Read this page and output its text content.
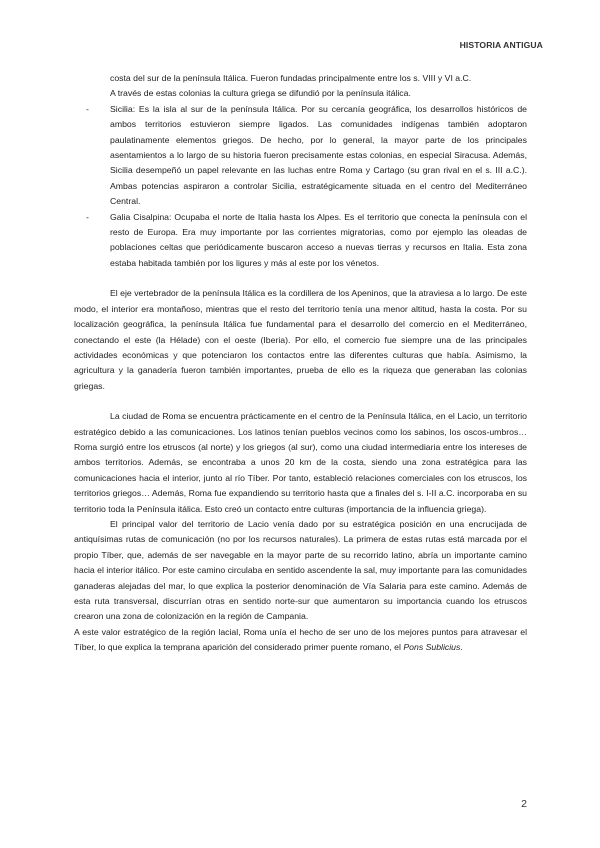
HISTORIA ANTIGUA

costa del sur de la península Itálica. Fueron fundadas principalmente entre los s. VIII y VI a.C.

A través de estas colonias la cultura griega se difundió por la península itálica.

- Sicilia: Es la isla al sur de la península Itálica. Por su cercanía geográfica, los desarrollos históricos de ambos territorios estuvieron siempre ligados. Las comunidades indígenas también adoptaron paulatinamente elementos griegos. De hecho, por lo general, la mayor parte de los principales asentamientos a lo largo de su historia fueron precisamente estas colonias, en especial Siracusa. Además, Sicilia desempeñó un papel relevante en las luchas entre Roma y Cartago (su gran rival en el s. III a.C.). Ambas potencias aspiraron a controlar Sicilia, estratégicamente situada en el centro del Mediterráneo Central.

- Galia Cisalpina: Ocupaba el norte de Italia hasta los Alpes. Es el territorio que conecta la península con el resto de Europa. Era muy importante por las corrientes migratorias, como por ejemplo las oleadas de poblaciones celtas que periódicamente buscaron acceso a nuevas tierras y recursos en Italia. Esta zona estaba habitada también por los ligures y más al este por los vénetos.

El eje vertebrador de la península Itálica es la cordillera de los Apeninos, que la atraviesa a lo largo. De este modo, el interior era montañoso, mientras que el resto del territorio tenía una menor altitud, hasta la costa. Por su localización geográfica, la península Itálica fue fundamental para el desarrollo del comercio en el Mediterráneo, conectando el este (la Hélade) con el oeste (Iberia). Por ello, el comercio fue siempre una de las principales actividades económicas y que potenciaron los contactos entre las diferentes culturas que había. Asimismo, la agricultura y la ganadería fueron también importantes, prueba de ello es la riqueza que generaban las colonias griegas.

La ciudad de Roma se encuentra prácticamente en el centro de la Península Itálica, en el Lacio, un territorio estratégico debido a las comunicaciones. Los latinos tenían pueblos vecinos como los sabinos, los oscos-umbros… Roma surgió entre los etruscos (al norte) y los griegos (al sur), como una ciudad intermediaria entre los intereses de ambos territorios. Además, se encontraba a unos 20 km de la costa, siendo una zona estratégica para las comunicaciones hacia el interior, junto al río Tíber. Por tanto, estableció relaciones comerciales con los etruscos, los territorios griegos… Además, Roma fue expandiendo su territorio hasta que a finales del s. I-II a.C. incorporaba en su territorio toda la Península itálica. Esto creó un contacto entre culturas (importancia de la influencia griega).

El principal valor del territorio de Lacio venía dado por su estratégica posición en una encrucijada de antiquísimas rutas de comunicación (no por los recursos naturales). La primera de estas rutas está marcada por el propio Tíber, que, además de ser navegable en la mayor parte de su recorrido latino, abría un importante camino hacia el interior itálico. Por este camino circulaba en sentido ascendente la sal, muy importante para las comunidades ganaderas alejadas del mar, lo que explica la posterior denominación de Vía Salaria para este camino. Además de esta ruta transversal, discurrían otras en sentido norte-sur que aumentaron su importancia cuando los etruscos crearon una zona de colonización en la región de Campania.

A este valor estratégico de la región lacial, Roma unía el hecho de ser uno de los mejores puntos para atravesar el Tíber, lo que explica la temprana aparición del considerado primer puente romano, el Pons Sublicius.

2
